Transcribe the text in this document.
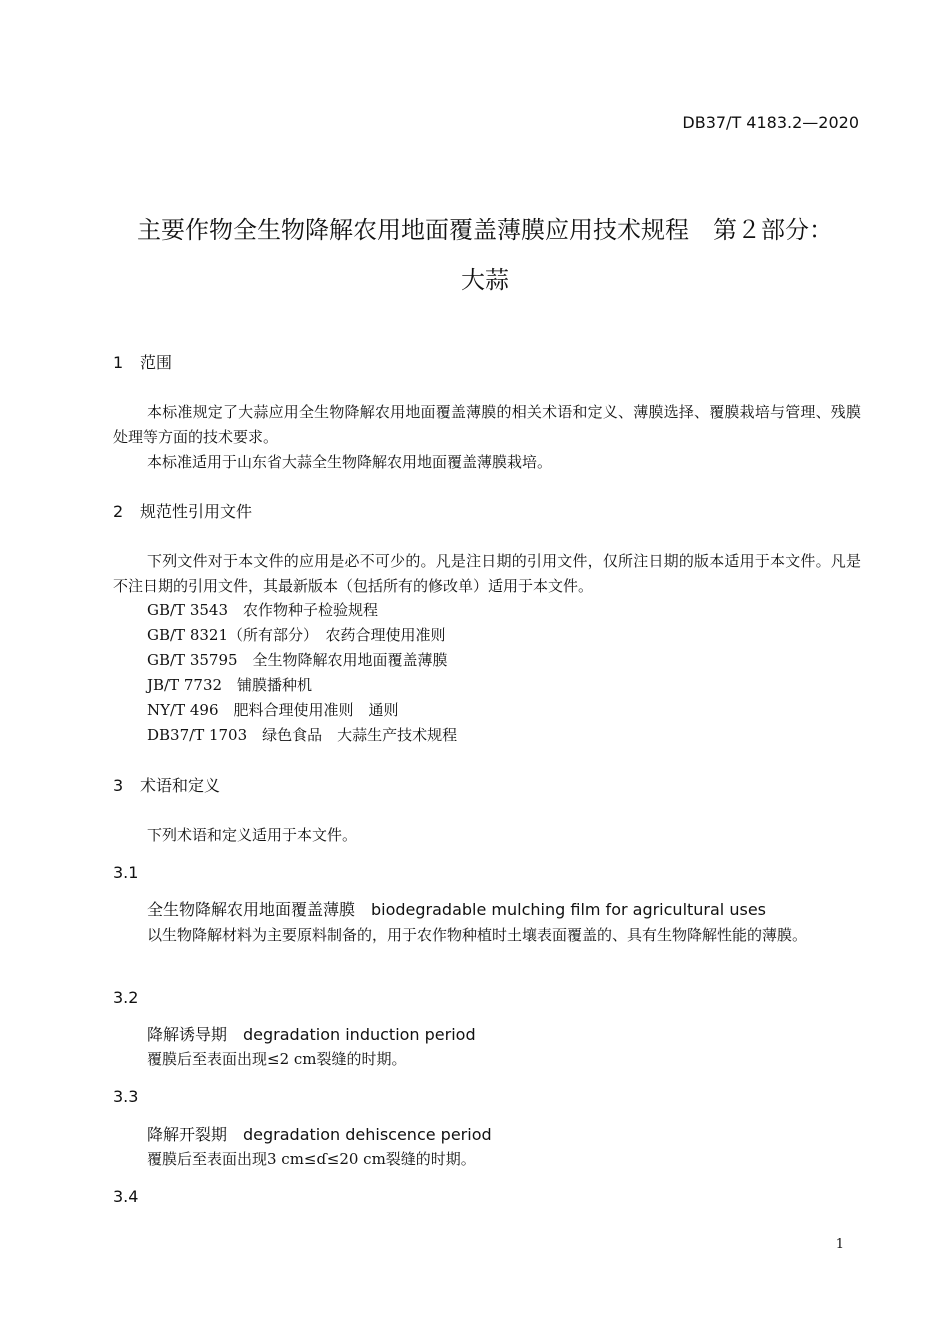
DB37/T 4183.2—2020
主要作物全生物降解农用地面覆盖薄膜应用技术规程　第２部分：
大蒜
1 范围
本标准规定了大蒜应用全生物降解农用地面覆盖薄膜的相关术语和定义、薄膜选择、覆膜栽培与管理、残膜处理等方面的技术要求。
本标准适用于山东省大蒜全生物降解农用地面覆盖薄膜栽培。
2 规范性引用文件
下列文件对于本文件的应用是必不可少的。凡是注日期的引用文件，仅所注日期的版本适用于本文件。凡是不注日期的引用文件，其最新版本（包括所有的修改单）适用于本文件。
GB/T 3543　农作物种子检验规程
GB/T 8321（所有部分）　农药合理使用准则
GB/T 35795　全生物降解农用地面覆盖薄膜
JB/T 7732　铺膜播种机
NY/T 496　肥料合理使用准则　通则
DB37/T 1703　绿色食品　大蒜生产技术规程
3 术语和定义
下列术语和定义适用于本文件。
3.1
全生物降解农用地面覆盖薄膜　biodegradable mulching film for agricultural uses
以生物降解材料为主要原料制备的，用于农作物种植时土壤表面覆盖的、具有生物降解性能的薄膜。
3.2
降解诱导期　degradation induction period
覆膜后至表面出现≤2 cm裂缝的时期。
3.3
降解开裂期　degradation dehiscence period
覆膜后至表面出现3 cm≤ɗ≤20 cm裂缝的时期。
3.4
1
